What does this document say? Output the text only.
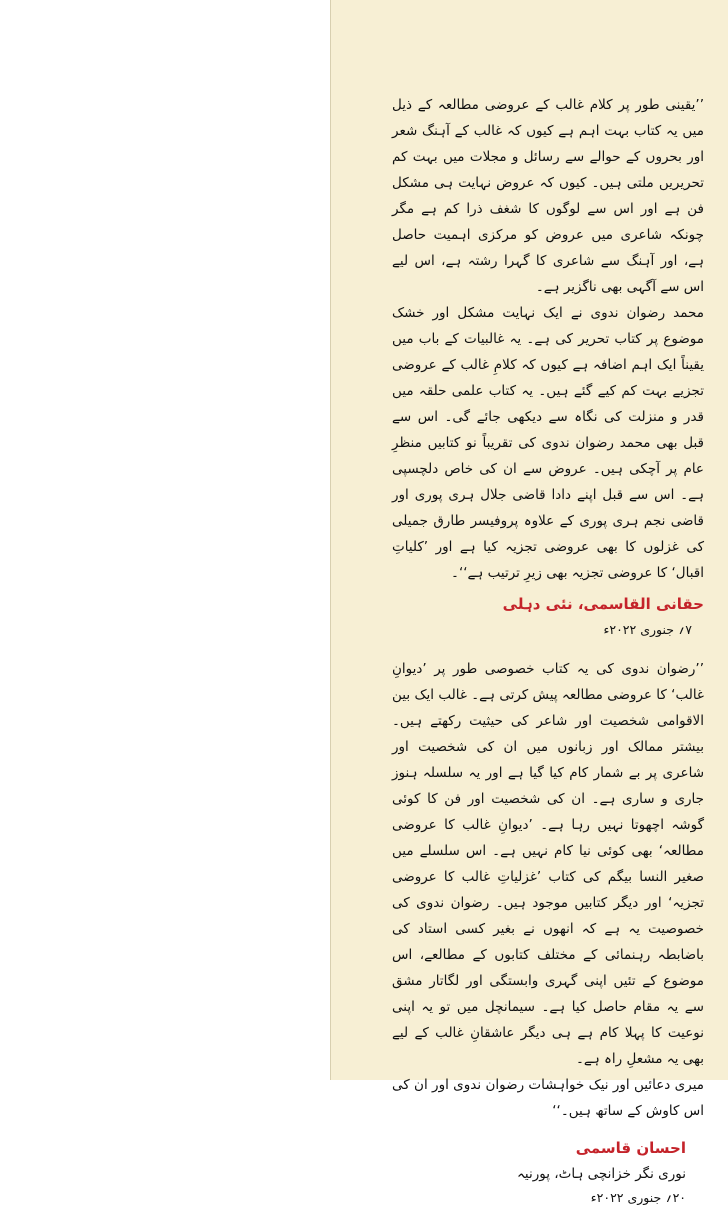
’’یقینی طور پر کلام غالب کے عروضی مطالعہ کے ذیل میں یہ کتاب بہت اہم ہے کیوں کہ غالب کے آہنگ شعر اور بحروں کے حوالے سے رسائل و مجلات میں بہت کم تحریریں ملتی ہیں۔ کیوں کہ عروض نہایت ہی مشکل فن ہے اور اس سے لوگوں کا شغف ذرا کم ہے مگر چونکہ شاعری میں عروض کو مرکزی اہمیت حاصل ہے، اور آہنگ سے شاعری کا گہرا رشتہ ہے، اس لیے اس سے آگہی بھی ناگزیر ہے۔

محمد رضوان ندوی نے ایک نہایت مشکل اور خشک موضوع پر کتاب تحریر کی ہے۔ یہ غالبیات کے باب میں یقیناً ایک اہم اضافہ ہے کیوں کہ کلامِ غالب کے عروضی تجزیے بہت کم کیے گئے ہیں۔ یہ کتاب علمی حلقہ میں قدر و منزلت کی نگاہ سے دیکھی جائے گی۔ اس سے قبل بھی محمد رضوان ندوی کی تقریباً نو کتابیں منظرِ عام پر آچکی ہیں۔ عروض سے ان کی خاص دلچسپی ہے۔ اس سے قبل اپنے دادا قاضی جلال ہری پوری اور قاضی نجم ہری پوری کے علاوہ پروفیسر طارق جمیلی کی غزلوں کا بھی عروضی تجزیہ کیا ہے اور ’کلیاتِ اقبال‘ کا عروضی تجزیہ بھی زیرِ ترتیب ہے‘‘۔

حقانی القاسمی، نئی دہلی

۷؍ جنوری ۲۰۲۲ء

’’رضوان ندوی کی یہ کتاب خصوصی طور پر ’دیوانِ غالب‘ کا عروضی مطالعہ پیش کرتی ہے۔ غالب ایک بین الاقوامی شخصیت اور شاعر کی حیثیت رکھتے ہیں۔ بیشتر ممالک اور زبانوں میں ان کی شخصیت اور شاعری پر بے شمار کام کیا گیا ہے اور یہ سلسلہ ہنوز جاری و ساری ہے۔ ان کی شخصیت اور فن کا کوئی گوشہ اچھوتا نہیں رہا ہے۔ ’دیوانِ غالب کا عروضی مطالعہ‘ بھی کوئی نیا کام نہیں ہے۔ اس سلسلے میں صغیر النسا بیگم کی کتاب ’غزلیاتِ غالب کا عروضی تجزیہ‘ اور دیگر کتابیں موجود ہیں۔ رضوان ندوی کی خصوصیت یہ ہے کہ انھوں نے بغیر کسی استاد کی باضابطہ رہنمائی کے مختلف کتابوں کے مطالعے، اس موضوع کے تئیں اپنی گہری وابستگی اور لگاتار مشق سے یہ مقام حاصل کیا ہے۔ سیمانچل میں تو یہ اپنی نوعیت کا پہلا کام ہے ہی دیگر عاشقانِ غالب کے لیے بھی یہ مشعلِ راہ ہے۔

میری دعائیں اور نیک خواہشات رضوان ندوی اور ان کی اس کاوش کے ساتھ ہیں۔‘‘

احسان قاسمی

نوری نگر خزانچی ہاٹ، پورنیہ

۲۰؍ جنوری ۲۰۲۲ء
